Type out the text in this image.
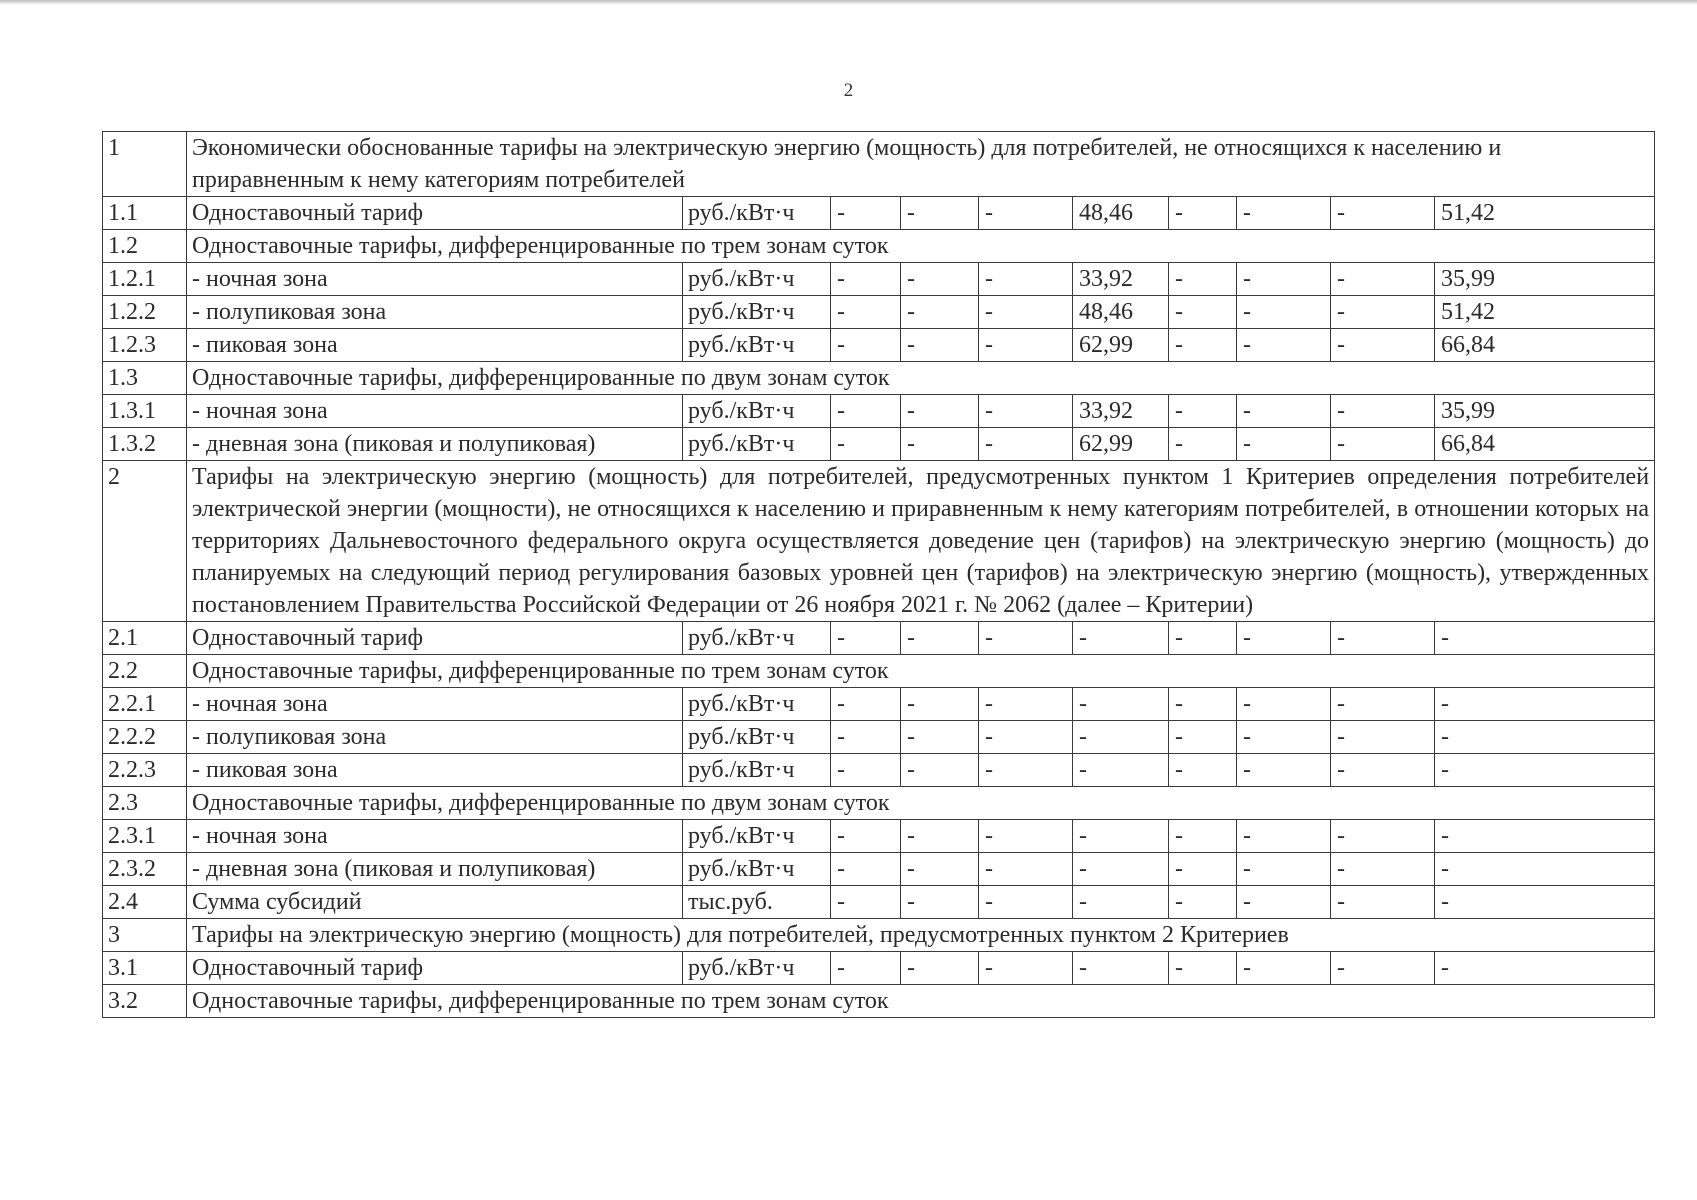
2
1	Экономически обоснованные тарифы на электрическую энергию (мощность) для потребителей, не относящихся к населению и приравненным к нему категориям потребителей									
1.1	Одноставочный тариф	руб./кВт·ч	-	-	-	48,46	-	-	-	51,42
1.2	Одноставочные тарифы, дифференцированные по трем зонам суток									
1.2.1	- ночная зона	руб./кВт·ч	-	-	-	33,92	-	-	-	35,99
1.2.2	- полупиковая зона	руб./кВт·ч	-	-	-	48,46	-	-	-	51,42
1.2.3	- пиковая зона	руб./кВт·ч	-	-	-	62,99	-	-	-	66,84
1.3	Одноставочные тарифы, дифференцированные по двум зонам суток									
1.3.1	- ночная зона	руб./кВт·ч	-	-	-	33,92	-	-	-	35,99
1.3.2	- дневная зона (пиковая и полупиковая)	руб./кВт·ч	-	-	-	62,99	-	-	-	66,84
2	Тарифы на электрическую энергию (мощность) для потребителей, предусмотренных пунктом 1 Критериев определения потребителей электрической энергии (мощности), не относящихся к населению и приравненным к нему категориям потребителей, в отношении которых на территориях Дальневосточного федерального округа осуществляется доведение цен (тарифов) на электрическую энергию (мощность) до планируемых на следующий период регулирования базовых уровней цен (тарифов) на электрическую энергию (мощность), утвержденных постановлением Правительства Российской Федерации от 26 ноября 2021 г. № 2062 (далее – Критерии)									
2.1	Одноставочный тариф	руб./кВт·ч	-	-	-	-	-	-	-	-
2.2	Одноставочные тарифы, дифференцированные по трем зонам суток									
2.2.1	- ночная зона	руб./кВт·ч	-	-	-	-	-	-	-	-
2.2.2	- полупиковая зона	руб./кВт·ч	-	-	-	-	-	-	-	-
2.2.3	- пиковая зона	руб./кВт·ч	-	-	-	-	-	-	-	-
2.3	Одноставочные тарифы, дифференцированные по двум зонам суток									
2.3.1	- ночная зона	руб./кВт·ч	-	-	-	-	-	-	-	-
2.3.2	- дневная зона (пиковая и полупиковая)	руб./кВт·ч	-	-	-	-	-	-	-	-
2.4	Сумма субсидий	тыс.руб.	-	-	-	-	-	-	-	-
3	Тарифы на электрическую энергию (мощность) для потребителей, предусмотренных пунктом 2 Критериев									
3.1	Одноставочный тариф	руб./кВт·ч	-	-	-	-	-	-	-	-
3.2	Одноставочные тарифы, дифференцированные по трем зонам суток									
